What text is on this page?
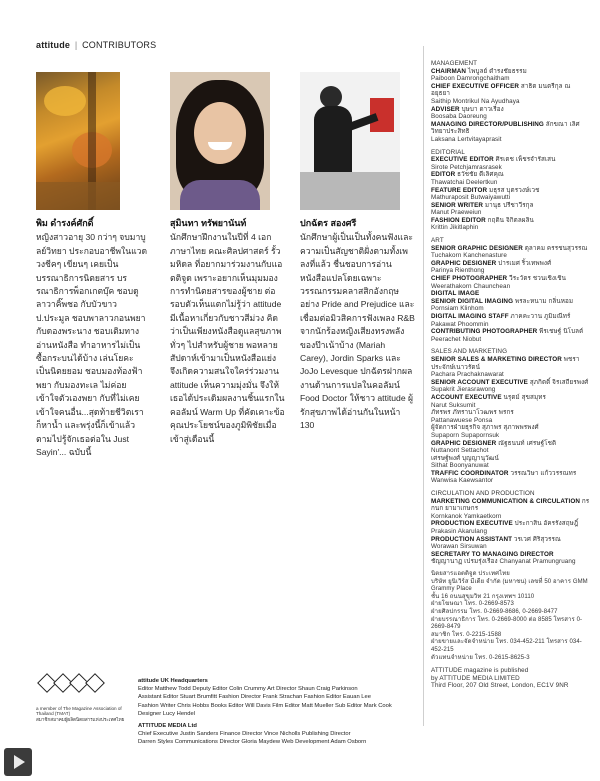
attitude | CONTRIBUTORS
พิม ดำรงค์ศักดิ์
หญิงสาวอายุ 30 กว่าๆ จบมาบูลย์วิทยา ประกอบอาชีพในแวดวงชีคๆ เขียนๆ เคยเป็นบรรณาธิการนิตยสาร บรรณาธิการพ็อกเกตบุ๊ค ชอบดูลาวาคิ๊พชอ กับบัวขาว ป.ประมูล ชอบพาลาวกอนพยา กับดองพระนาง ชอบเติมทาง อ่านหนังสือ ทำอาหารไม่เป็น ซื้อกระบนได้บ้าง เล่นโยคะ เป็นนิตยยอม ชอบมองท้องฟ้า พยา กับมองทะเล ไม่ค่อยเข้าใจตัวเองพยา กับที่ไม่เคยเข้าใจคนอื่น...สุดท้ายชีวิตเราก็หาน้ำ และพรุ่งนี้ก็เข้าแล้ว ตามไปรู้จักเธอต่อใน Just Sayin'... ฉบับนี้
สุมินทา ทรัพยานันท์
นักศึกษาฝึกงานในปีที่ 4 เอกภาษาไทย คณะศิลปศาสตร์ รั้วมหิดล ที่อยากมาร่วมงานกับแอตติจูด เพราะอยากเห็นมุมมองการทำนิตยสารของผู้ชาย ต่อรอบตัวเห็นแตกไม่รู้ว่า attitude มีเนื้อหาเกี่ยวกับชาวสีม่วง คิดว่าเป็นเพียงหนังสือดูแลสุขภาพทั่วๆ ไปสำหรับผู้ชาย พอหลายสัปดาห์เข้ามาเป็นหนังสือแย่งจึงเกิดความสนใจใคร่ร่วมงาน attitude เห็นความมุ่งมั่น จึงให้เธอได้ประเดิมผลงานชิ้นแรกในคอลัมน์ Warm Up ที่คัดเคาะข้อคุณประโยชน์ของภูมิพิชัยเมื่อเข้าสู่เดือนนี้
ปกฉัตร สองศรี
นักศึกษาผู้เป็นเป็นทั้งคนฟังและความเป็นสัญชาติฝั่งตามทั้งเพลงที่แล้ว ชื่นชอบการอ่านหนังสือแปลโดยเฉพาะวรรณกรรมคลาสสิกอังกฤษอย่าง Pride and Prejudice และเชื่อมต่อมิวสิคการฟังเพลง R&B จากนักร้องหญิงเสียงทรงพลังของป๊าเน้าบ้าง (Mariah Carey), Jordin Sparks และ JoJo Levesque ปกฉัตรฝากผลงานด้านการแปลในคอลัมน์ Food Doctor ให้ชาว attitude ผู้รักสุขภาพได้อ่านกันในหน้า 130
MANAGEMENT
CHAIRMAN ไพบูลย์ ดำรงชัยธรรม
Paiboon Damrongchaitham
CHIEF EXECUTIVE OFFICER สาธิต มนตรีกุล ณ อยุธยา
Saithip Montrikul Na Ayudhaya
ADVISER บุษบา ดาวเรือง
Boosaba Daoreung
MANAGING DIRECTOR/PUBLISHING ลักขณา เลิศวิทยาประสิทธิ
Laksana Lertvitayaprasit
EDITORIAL
EXECUTIVE EDITOR ศิรเตช เพ็ชรจำรัสเสน
Sirote Petchjamrasrasek
EDITOR ธวัชชัย ดีเลิศคุณ
Thawatchai Deelertkun
FEATURE EDITOR มธุรส บุตรวงษ์เวช
Mathuraposit Butwaiyawutti
SENIOR WRITER มานุธ ปรีชาวีรกุล
Manut Praeweiun
FASHION EDITOR กฤติน จิกิตลผลิน
Krittin Jikitlaphin
ART
SENIOR GRAPHIC DESIGNER ตุลาคม ครรชนสุวรรณ
Tuchakorn Kanchenasture
GRAPHIC DESIGNER ปารเมศ ริ้วเทพพงศ์
Parinya Rienthong
CHIEF PHOTOGRAPHER วีระวัตร ชวนเชิงเชิน
Weerathakorn Chaunchean
DIGITAL IMAGE
SENIOR DIGITAL IMAGING พรละหนาม กลิ่นหอม
Pornsiam Klinhom
DIGITAL IMAGING STAFF ภาคคะวาน ภูมิมณีทร์
Pakawat Phoommin
CONTRIBUTING PHOTOGRAPHER พีรเชษฐ์ นิโบลต์
Peerachet Niobut
SALES AND MARKETING
SENIOR SALES & MARKETING DIRECTOR พชรา ประจักษ์เนาวรัตน์
Pachara Prachaknawarat
SENIOR ACCOUNT EXECUTIVE สุภกิตติ์ จิรเสถียรพงศ์
Supakrit Jierasrawong
ACCOUNT EXECUTIVE นรุตม์ สุขสมุทร
Narut Suksumit
ภัทรพร ภัทรานาโวฒพร พรกร
Pattanawuese Ponsa
ผู้จัดการฝ่ายธุรกิจ สุภาพร สุภาพพรพงศ์
Supaporn Supapornsuk
GRAPHIC DESIGNER ณัฐธนนท์ เศรษฐ์โชติ
Nuttanont Settachot
เศรษฐ์พงศ์ บุญญานุวัฒน์
Sithat Boonyanuwat
TRAFFIC COORDINATOR วรรณวิษา แก้ววรรณทร
Wanwisa Kaewsantor
CIRCULATION AND PRODUCTION
MARKETING COMMUNICATION & CIRCULATION กรกนก ยามาเกษกร
Kornkanok Yamkaetkorn
PRODUCTION EXECUTIVE ประกาสิน อัครรังสฤษฎิ์
Prakasin Akarulang
PRODUCTION ASSISTANT วรเวศ ศิริสุวรรณ
Worawan Sirsuwan
SECRETARY TO MANAGING DIRECTOR
ชัญญานาฏ เปรมรุ่งเรือง Chanyanat Pramungruang
นิตยสารแอตติจูด ประเทศไทย
บริษัท ยูนิเวิร์ส มีเดีย จำกัด (มหาชน) เลขที่ 50 อาคาร GMM Grammy Place
ชั้น 16 ถนนสุขุมวิท 21 กรุงเทพฯ 10110
ฝ่ายโฆษณา โทร. 0-2669-8573
ฝ่ายศิลปกรรม โทร. 0-2669-8686, 0-2669-8477
ฝ่ายบรรณาธิการ โทร. 0-2669-8000 ต่อ 8585 โทรสาร 0-2669-8479
สมาชิก โทร. 0-2215-1588
ฝ่ายขายและจัดจำหน่าย โทร. 034-452-211 โทรสาร 034-452-215
ตัวแทนจำหน่าย โทร. 0-2615-8625-3
ATTITUDE magazine is published
by ATTITUDE MEDIA LIMITED
Third Floor, 207 Old Street, London, EC1V 9NR
a member of The Magazine Association of Thailand (TMAT)
สมาชิกสมาคมผู้ผลิตนิตยสารแห่งประเทศไทย
attitude UK Headquarters
Editor Matthew Todd Deputy Editor Colin Crummy Art Director Shaun Craig Parkinson
Assistant Editor Stuart Brumfitt Fashion Director Frank Strachan Fashion Editor Eauan Lee
Fashion Writer Chris Hobbs Books Editor Will Davis Film Editor Matt Mueller Sub Editor Mark Cook
Designer Lucy Hendel
ATTITUDE MEDIA Ltd
Chief Executive Justin Sanders Finance Director Vince Nicholls Publishing Director
Darren Styles Communications Director Gloria Maydew Web Development Adam Osborn
